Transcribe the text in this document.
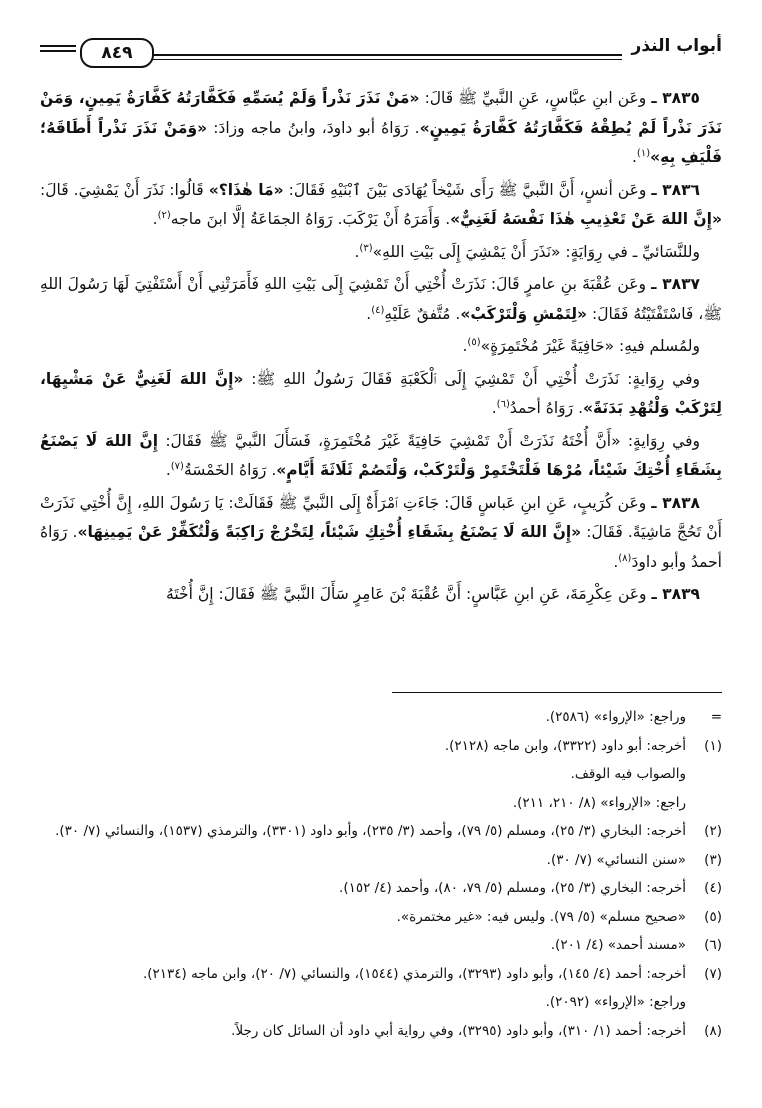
أبواب النذر
٨٤٩

٣٨٣٥ ـ وعَن ابنِ عبَّاسٍ، عَنِ النَّبيِّ ﷺ قَالَ: «مَنْ نَذَرَ نَذْراً وَلَمْ يُسَمِّهِ فَكَفَّارَتُهُ كَفَّارَةُ يَمِينٍ، وَمَنْ نَذَرَ نَذْراً لَمْ يُطِقْهُ فَكَفَّارَتُهُ كَفَّارَةُ يَمِينٍ». رَوَاهُ أبو داودَ، وابنُ ماجه وزادَ: «وَمَنْ نَذَرَ نَذْراً أَطَاقَهُ؛ فَلْيَفِ بِهِ»$^{(١)}$.

٣٨٣٦ ـ وعَن أنسٍ، أَنَّ النَّبيَّ ﷺ رَأَى شَيْخاً يُهَادَى بَيْنَ ٱبْنَيْهِ فَقَالَ: «مَا هٰذَا؟» قَالُوا: نَذَرَ أَنْ يَمْشِيَ. قَالَ: «إِنَّ اللهَ عَنْ تَعْذِيبِ هٰذَا نَفْسَهُ لَغَنِيٌّ». وَأَمَرَهُ أَنْ يَرْكَبَ. رَوَاهُ الجمَاعَةُ إلَّا ابنَ ماجه$^{(٢)}$.

وللنَّسَائيِّ ـ في رِوَايَةٍ: «نَذَرَ أَنْ يَمْشِيَ إِلَى بَيْتِ اللهِ»$^{(٣)}$.

٣٨٣٧ ـ وعَن عُقْبَةَ بنِ عامرٍ قَالَ: نَذَرَتْ أُخْتِي أَنْ تَمْشِيَ إِلَى بَيْتِ اللهِ فَأَمَرَتْنِي أَنْ أَسْتَفْتِيَ لَهَا رَسُولَ اللهِ ﷺ، فَاسْتَفْتَيْتُهُ فَقَالَ: «لِتَمْشِ وَلْتَرْكَبْ». مُتَّفقٌ عَلَيْهِ$^{(٤)}$.

ولمُسلم فيهِ: «حَافِيَةً غَيْرَ مُخْتَمِرَةٍ»$^{(٥)}$.

وفي رِوَايةٍ: نَذَرَتْ أُخْتِي أَنْ تَمْشِيَ إِلَى ٱلْكَعْبَةِ فَقَالَ رَسُولُ اللهِ ﷺ: «إِنَّ اللهَ لَغَنِيٌّ عَنْ مَشْيِهَا، لِتَرْكَبْ وَلْتُهْدِ بَدَنَةً». رَوَاهُ أحمدُ$^{(٦)}$.

وفي رِوَايةٍ: «أَنَّ أُخْتَهُ نَذَرَتْ أَنْ تَمْشِيَ حَافِيَةً غَيْرَ مُخْتَمِرَةٍ، فَسَأَلَ النَّبيَّ ﷺ فَقَالَ: إِنَّ اللهَ لَا يَصْنَعُ بِشَقَاءِ أُخْتِكَ شَيْئاً، مُرْهَا فَلْتَخْتَمِرْ وَلْتَرْكَبْ، وَلْتَصُمْ ثَلَاثَةَ أَيَّامٍ». رَوَاهُ الخَمْسَةُ$^{(٧)}$.

٣٨٣٨ ـ وعَن كُرَيبٍ، عَنِ ابنِ عَباسٍ قَالَ: جَاءَتِ ٱمْرَأَةٌ إِلَى النَّبيِّ ﷺ فَقَالَتْ: يَا رَسُولَ اللهِ، إِنَّ أُخْتِي نَذَرَتْ أَنْ تَحُجَّ مَاشِيَةً. فَقَالَ: «إِنَّ اللهَ لَا يَصْنَعُ بِشَقَاءِ أُخْتِكِ شَيْئاً، لِتَخْرُجْ رَاكِبَةً وَلْتُكَفِّرْ عَنْ يَمِينِهَا». رَوَاهُ أحمدُ وأبو داودَ$^{(٨)}$.

٣٨٣٩ ـ وعَن عِكْرِمَةَ، عَنِ ابنِ عَبَّاسٍ: أَنَّ عُقْبَةَ بْنَ عَامِرٍ سَأَلَ النَّبيَّ ﷺ فَقَالَ: إِنَّ أُخْتَهُ

=
وراجع: «الإرواء» (٢٥٨٦).
(١)
أخرجه: أبو داود (٣٣٢٢)، وابن ماجه (٢١٢٨).
والصواب فيه الوقف.
راجع: «الإرواء» (٨/ ٢١٠، ٢١١).
(٢)
أخرجه: البخاري (٣/ ٢٥)، ومسلم (٥/ ٧٩)، وأحمد (٣/ ٢٣٥)، وأبو داود (٣٣٠١)، والترمذي (١٥٣٧)، والنسائي (٧/ ٣٠).
(٣)
«سنن النسائي» (٧/ ٣٠).
(٤)
أخرجه: البخاري (٣/ ٢٥)، ومسلم (٥/ ٧٩، ٨٠)، وأحمد (٤/ ١٥٢).
(٥)
«صحيح مسلم» (٥/ ٧٩). وليس فيه: «غير مختمرة».
(٦)
«مسند أحمد» (٤/ ٢٠١).
(٧)
أخرجه: أحمد (٤/ ١٤٥)، وأبو داود (٣٢٩٣)، والترمذي (١٥٤٤)، والنسائي (٧/ ٢٠)، وابن ماجه (٢١٣٤).
وراجع: «الإرواء» (٢٠٩٢).
(٨)
أخرجه: أحمد (١/ ٣١٠)، وأبو داود (٣٢٩٥)، وفي رواية أبي داود أن السائل كان رجلاً.
